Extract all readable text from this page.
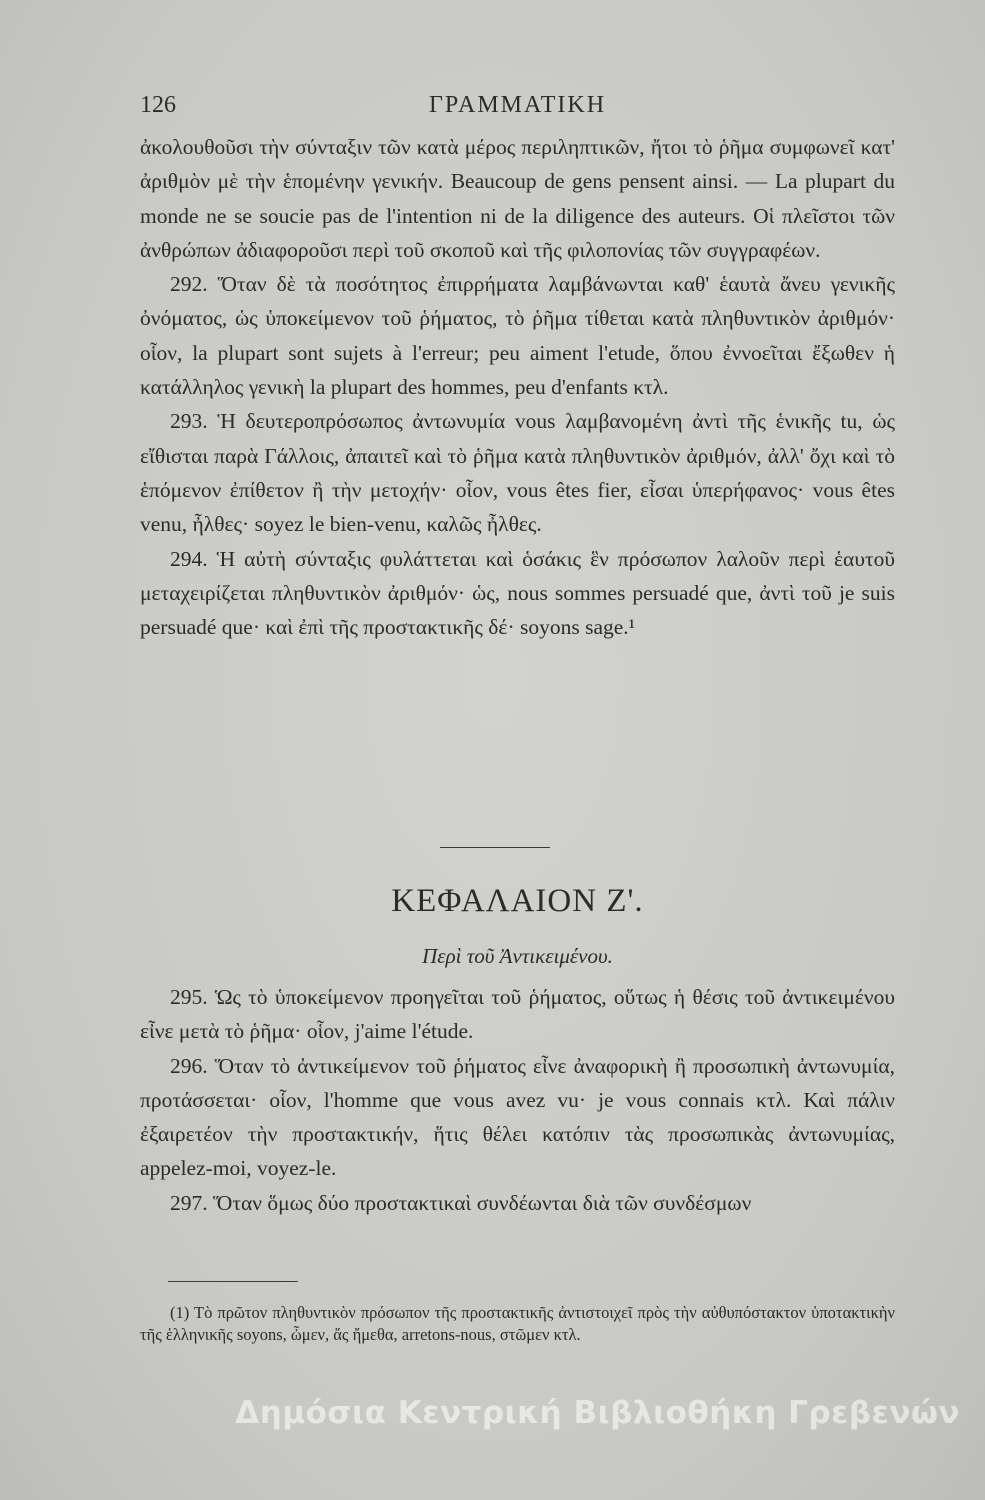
126	ΓΡΑΜΜΑΤΙΚΗ

ἀκολουθοῦσι τὴν σύνταξιν τῶν κατὰ μέρος περιληπτικῶν, ἤτοι τὸ ῥῆμα συμφωνεῖ κατ' ἀριθμὸν μὲ τὴν ἑπομένην γενικήν. Beaucoup de gens pensent ainsi. — La plupart du monde ne se soucie pas de l'intention ni de la diligence des auteurs. Οἱ πλεῖστοι τῶν ἀνθρώπων ἀδιαφοροῦσι περὶ τοῦ σκοποῦ καὶ τῆς φιλοπονίας τῶν συγγραφέων.

292. Ὅταν δὲ τὰ ποσότητος ἐπιρρήματα λαμβάνωνται καθ' ἑαυτὰ ἄνευ γενικῆς ὀνόματος, ὡς ὑποκείμενον τοῦ ῥήματος, τὸ ῥῆμα τίθεται κατὰ πληθυντικὸν ἀριθμόν· οἷον, la plupart sont sujets à l'erreur; peu aiment l'etude, ὅπου ἐννοεῖται ἔξωθεν ἡ κατάλληλος γενικὴ la plupart des hommes, peu d'enfants κτλ.

293. Ἡ δευτεροπρόσωπος ἀντωνυμία vous λαμβανομένη ἀντὶ τῆς ἑνικῆς tu, ὡς εἴθισται παρὰ Γάλλοις, ἀπαιτεῖ καὶ τὸ ῥῆμα κατὰ πληθυντικὸν ἀριθμόν, ἀλλ' ὄχι καὶ τὸ ἑπόμενον ἐπίθετον ἢ τὴν μετοχήν· οἷον, vous êtes fier, εἶσαι ὑπερήφανος· vous êtes venu, ἦλθες· soyez le bien-venu, καλῶς ἦλθες.

294. Ἡ αὐτὴ σύνταξις φυλάττεται καὶ ὁσάκις ἓν πρόσωπον λαλοῦν περὶ ἑαυτοῦ μεταχειρίζεται πληθυντικὸν ἀριθμόν· ὡς, nous sommes persuadé que, ἀντὶ τοῦ je suis persuadé que· καὶ ἐπὶ τῆς προστακτικῆς δέ· soyons sage.¹

ΚΕΦΑΛΑΙΟΝ Ζ'.
Περὶ τοῦ Ἀντικειμένου.

295. Ὡς τὸ ὑποκείμενον προηγεῖται τοῦ ῥήματος, οὕτως ἡ θέσις τοῦ ἀντικειμένου εἶνε μετὰ τὸ ῥῆμα· οἷον, j'aime l'étude.

296. Ὅταν τὸ ἀντικείμενον τοῦ ῥήματος εἶνε ἀναφορικὴ ἢ προσωπικὴ ἀντωνυμία, προτάσσεται· οἷον, l'homme que vous avez vu· je vous connais κτλ. Καὶ πάλιν ἐξαιρετέον τὴν προστακτικήν, ἥτις θέλει κατόπιν τὰς προσωπικὰς ἀντωνυμίας, appelez-moi, voyez-le.

297. Ὅταν ὅμως δύο προστακτικαὶ συνδέωνται διὰ τῶν συνδέσμων

(1) Τὸ πρῶτον πληθυντικὸν πρόσωπον τῆς προστακτικῆς ἀντιστοιχεῖ πρὸς τὴν αὐθυπόστακτον ὑποτακτικὴν τῆς ἑλληνικῆς soyons, ὦμεν, ἄς ἤμεθα, arretons-nous, στῶμεν κτλ.

Δημόσια Κεντρική Βιβλιοθήκη Γρεβενών
